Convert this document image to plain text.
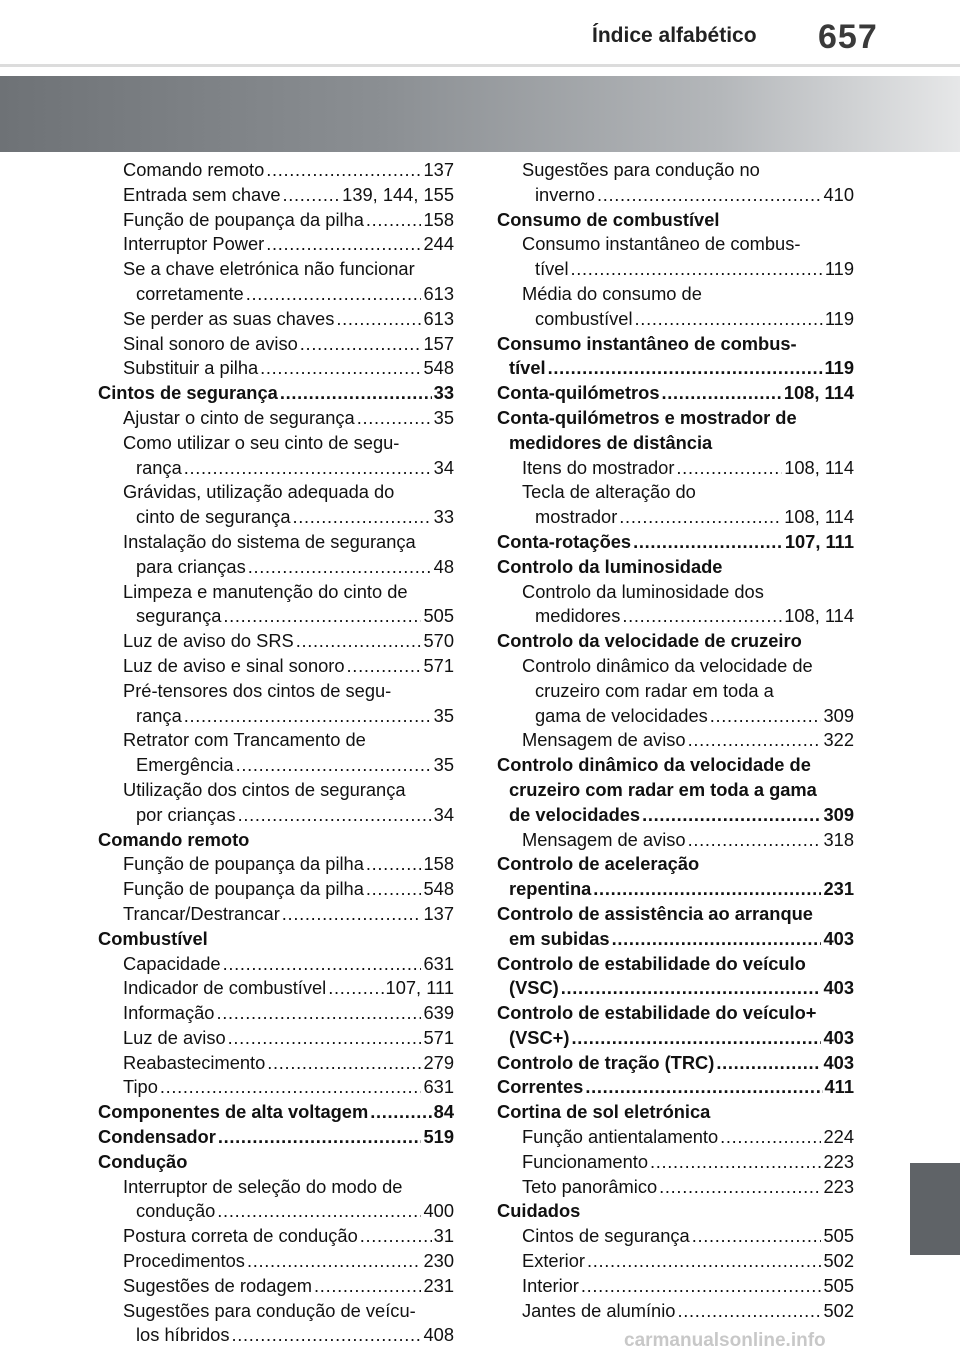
Índice alfabético 657
Comando remoto . . .	137
Entrada sem chave . . .	139, 144, 155
Função de poupança da pilha . . .	158
Interruptor Power . . .	244
Se a chave eletrónica não funcionar
corretamente . . .	613
Se perder as suas chaves . . .	613
Sinal sonoro de aviso . . .	157
Substituir a pilha . . .	548
Cintos de segurança . . .	33
Ajustar o cinto de segurança . . .	35
Como utilizar o seu cinto de segu-
rança . . .	34
Grávidas, utilização adequada do
cinto de segurança . . .	33
Instalação do sistema de segurança
para crianças . . .	48
Limpeza e manutenção do cinto de
segurança . . .	505
Luz de aviso do SRS . . .	570
Luz de aviso e sinal sonoro . . .	571
Pré-tensores dos cintos de segu-
rança . . .	35
Retrator com Trancamento de
Emergência . . .	35
Utilização dos cintos de segurança
por crianças . . .	34
Comando remoto
Função de poupança da pilha . . .	158
Função de poupança da pilha . . .	548
Trancar/Destrancar . . .	137
Combustível
Capacidade . . .	631
Indicador de combustível . . .	107, 111
Informação . . .	639
Luz de aviso . . .	571
Reabastecimento . . .	279
Tipo . . .	631
Componentes de alta voltagem . . .	84
Condensador . . .	519
Condução
Interruptor de seleção do modo de
condução . . .	400
Postura correta de condução . . .	31
Procedimentos . . .	230
Sugestões de rodagem . . .	231
Sugestões para condução de veícu-
los híbridos . . .	408
Sugestões para condução no
inverno . . .	410
Consumo de combustível
Consumo instantâneo de combus-
tível . . .	119
Média do consumo de
combustível . . .	119
Consumo instantâneo de combus-
tível . . .	119
Conta-quilómetros . . .	108, 114
Conta-quilómetros e mostrador de
medidores de distância
Itens do mostrador . . .	108, 114
Tecla de alteração do
mostrador . . .	108, 114
Conta-rotações . . .	107, 111
Controlo da luminosidade
Controlo da luminosidade dos
medidores . . .	108, 114
Controlo da velocidade de cruzeiro
Controlo dinâmico da velocidade de
cruzeiro com radar em toda a
gama de velocidades . . .	309
Mensagem de aviso . . .	322
Controlo dinâmico da velocidade de
cruzeiro com radar em toda a gama
de velocidades . . .	309
Mensagem de aviso . . .	318
Controlo de aceleração
repentina . . .	231
Controlo de assistência ao arranque
em subidas . . .	403
Controlo de estabilidade do veículo
(VSC) . . .	403
Controlo de estabilidade do veículo+
(VSC+) . . .	403
Controlo de tração (TRC) . . .	403
Correntes . . .	411
Cortina de sol eletrónica
Função antientalamento . . .	224
Funcionamento . . .	223
Teto panorâmico . . .	223
Cuidados
Cintos de segurança . . .	505
Exterior . . .	502
Interior . . .	505
Jantes de alumínio . . .	502
carmanualsonline.info
